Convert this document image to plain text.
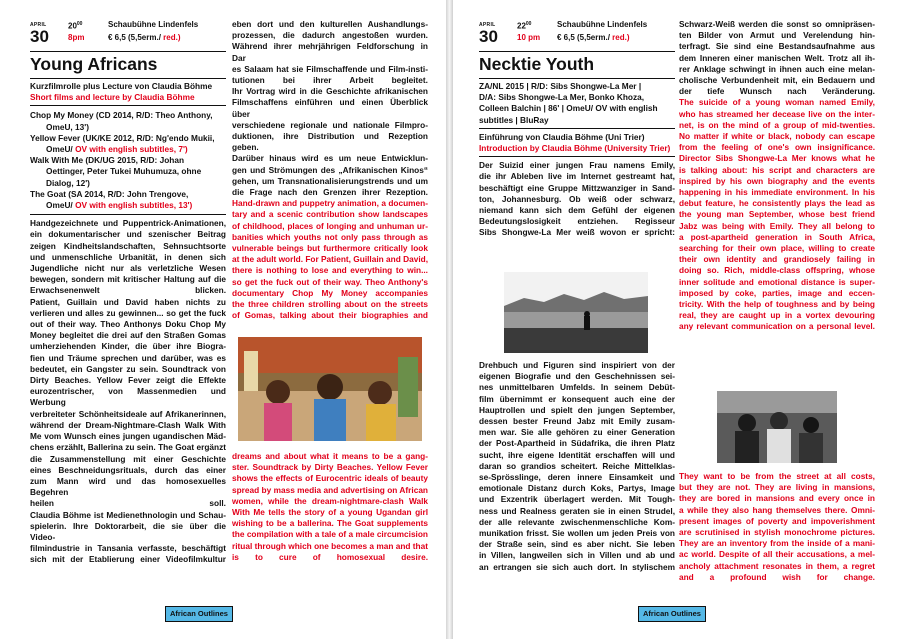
APRIL
30
$20^{00}$
8pm
Schaubühne Lindenfels
€ 6,5 (5,5erm./ red.)
Young Africans

Kurzfilmrolle plus Lecture von Claudia Böhme

Short films and lecture by Claudia Böhme

Chop My Money (CD 2014, R/D: Theo Anthony,
OmeU, 13')

Yellow Fever (UK/KE 2012, R/D: Ng'endo Mukii,
OmeU/ OV with english subtitles, 7')

Walk With Me (DK/UG 2015, R/D: Johan
Oettinger, Peter Tukei Muhumuza, ohne
Dialog, 12')

The Goat (SA 2014, R/D: John Trengove,
OmeU/ OV with english subtitles, 13')

Handgezeichnete und Puppentrick-Animationen,

ein dokumentarischer und szenischer Beitrag

zeigen Kindheitslandschaften, Sehnsuchtsorte

und unmenschliche Urbanität, in denen sich

Jugendliche nicht nur als verletzliche Wesen

bewegen, sondern mit kritischer Haltung auf die

Erwachsenenwelt blicken.

Patient, Guillain und David haben nichts zu

verlieren und alles zu gewinnen... so get the fuck

out of their way. Theo Anthonys Doku Chop My

Money begleitet die drei auf den Straßen Gomas

umherziehenden Kinder, die über ihre Biogra-

fien und Träume sprechen und darüber, was es

bedeutet, ein Gangster zu sein. Soundtrack von

Dirty Beaches. Yellow Fever zeigt die Effekte

eurozentrischer, von Massenmedien und Werbung

verbreiteter Schönheitsideale auf Afrikanerinnen,

während der Dream-Nightmare-Clash Walk With

Me vom Wunsch eines jungen ugandischen Mäd-

chens erzählt, Ballerina zu sein. The Goat ergänzt

die Zusammenstellung mit einer Geschichte

eines Beschneidungsrituals, durch das einer

zum Mann wird und das homosexuelles Begehren

heilen soll.

Claudia Böhme ist Medienethnologin und Schau-

spielerin. Ihre Doktorarbeit, die sie über die Video-

filmindustrie in Tansania verfasste, beschäftigt

sich mit der Etablierung einer Videofilmkultur

eben dort und den kulturellen Aushandlungs-

prozessen, die dadurch angestoßen wurden.

Während ihrer mehrjährigen Feldforschung in Dar

es Salaam hat sie Filmschaffende und Film-insti-

tutionen bei ihrer Arbeit begleitet.

Ihr Vortrag wird in die Geschichte afrikanischen

Filmschaffens einführen und einen Überblick über

verschiedene regionale und nationale Filmpro-

duktionen, ihre Distribution und Rezeption geben.

Darüber hinaus wird es um neue Entwicklun-

gen und Strömungen des „Afrikanischen Kinos“

gehen, um Transnationalisierungstrends und um

die Frage nach den Grenzen ihrer Rezeption.

Hand-drawn and puppetry animation, a documen-

tary and a scenic contribution show landscapes

of childhood, places of longing and unhuman ur-

banities which youths not only pass through as

vulnerable beings but furthermore critically look

at the adult world. For Patient, Guillain and David,

there is nothing to lose and everything to win...

so get the fuck out of their way. Theo Anthony's

documentary Chop My Money accompanies

the three children strolling about on the streets

of Gomas, talking about their biographies and

dreams and about what it means to be a gang-

ster. Soundtrack by Dirty Beaches. Yellow Fever

shows the effects of Eurocentric ideals of beauty

spread by mass media and advertising on African

women, while the dream-nightmare-clash Walk

With Me tells the story of a young Ugandan girl

wishing to be a ballerina. The Goat supplements

the compilation with a tale of a male circumcision

ritual through which one becomes a man and that

is to cure of homosexual desire.

African Outlines
APRIL
30
$22^{00}$
10 pm
Schaubühne Lindenfels
€ 6,5 (5,5erm./ red.)
Necktie Youth

ZA/NL 2015 | R/D: Sibs Shongwe-La Mer |

D/A: Sibs Shongwe-La Mer, Bonko Khoza,

Colleen Balchin | 86' | OmeU/ OV with english

subtitles | BluRay

Einführung von Claudia Böhme (Uni Trier)

Introduction by Claudia Böhme (University Trier)

Der Suizid einer jungen Frau namens Emily,

die ihr Ableben live im Internet gestreamt hat,

beschäftigt eine Gruppe Mittzwanziger in Sand-

ton, Johannesburg. Ob weiß oder schwarz,

niemand kann sich dem Gefühl der eigenen

Bedeutungslosigkeit entziehen. Regisseur

Sibs Shongwe-La Mer weiß wovon er spricht:

Drehbuch und Figuren sind inspiriert von der

eigenen Biografie und den Geschehnissen sei-

nes unmittelbaren Umfelds. In seinem Debüt-

film übernimmt er konsequent auch eine der

Hauptrollen und spielt den jungen September,

dessen bester Freund Jabz mit Emily zusam-

men war. Sie alle gehören zu einer Generation

der Post-Apartheid in Südafrika, die ihren Platz

sucht, ihre eigene Identität erschaffen will und

daran so grandios scheitert. Reiche Mittelklas-

se-Sprösslinge, deren innere Einsamkeit und

emotionale Distanz durch Koks, Partys, Image

und Exzentrik überlagert werden. Mit Tough-

ness und Realness geraten sie in einen Strudel,

der alle relevante zwischenmenschliche Kom-

munikation frisst. Sie wollen um jeden Preis von

der Straße sein, sind es aber nicht. Sie leben

in Villen, langweilen sich in Villen und ab und

an ertrangen sie sich auch dort. In stylischem

Schwarz-Weiß werden die sonst so omnipräsen-

ten Bilder von Armut und Verelendung hin-

terfragt. Sie sind eine Bestandsaufnahme aus

dem Inneren einer manischen Welt. Trotz all ih-

rer Anklage schwingt in ihnen auch eine melan-

cholische Verbundenheit mit, ein Bedauern und

der tiefe Wunsch nach Veränderung.

The suicide of a young woman named Emily,

who has streamed her decease live on the inter-

net, is on the mind of a group of mid-twenties.

No matter if white or black, nobody can escape

from the feeling of one's own insignificance.

Director Sibs Shongwe-La Mer knows what he

is talking about: his script and characters are

inspired by his own biography and the events

happening in his immediate environment. In his

debut feature, he consistently plays the lead as

the young man September, whose best friend

Jabz was being with Emily. They all belong to

a post-apartheid generation in South Africa,

searching for their own place, willing to create

their own identity and grandiosely failing in

doing so. Rich, middle-class offspring, whose

inner solitude and emotional distance is super-

imposed by coke, parties, image and eccen-

tricity. With the help of toughness and by being

real, they are caught up in a vortex devouring

any relevant communication on a personal level.

They want to be from the street at all costs,

but they are not. They are living in mansions,

they are bored in mansions and every once in

a while they also hang themselves there. Omni-

present images of poverty and impoverishment

are scrutinised in stylish monochrome pictures.

They are an inventory from the inside of a mani-

ac world. Despite of all their accusations, a mel-

ancholy attachment resonates in them, a regret

and a profound wish for change.

African Outlines
